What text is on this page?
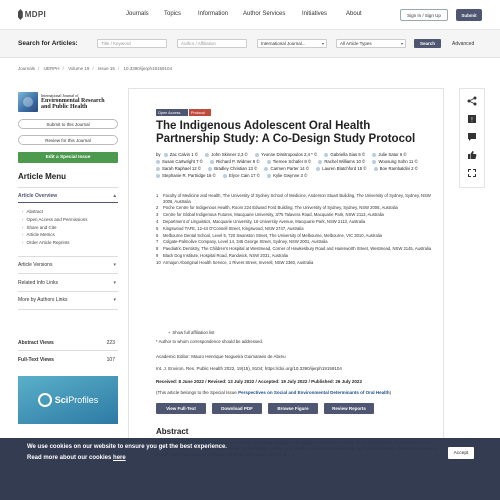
MDPI	Journals	Topics	Information Author Services	Initiatives	About	Sign In / Sign Up	Submit
Search for Articles:	Title / Keyword	Author / Affiliation	International Journal...	▾	All Article Types	▾	Search	Advanced
Journals / IJERPH / Volume 19 / Issue 15 / 10.3390/ijerph19159104
International Journal of
Environmental Research
and Public Health
Submit to this Journal
Review for this Journal
Edit a Special Issue
Article Menu
Article Overview	▴
› Abstract
› Open Access and Permissions
› Share and Cite
› Article Metrics
› Order Article Reprints
Article Versions	▾
Related Info Links	▾
More by Authors Links	▾
Abstract Views	223
Full-Text Views	107
Sci Profiles
Open Access	Protocol
The Indigenous Adolescent Oral Health Partnership Study: A Co-Design Study Protocol
by Zac Calvin 1 ©	John Skinner 2,3 ©	Yvonne Dimitropoulos 2,4 * ©	Gabriella Sias 5 ©	Julie Satur 6 © Susan Cartwright 7 ©	Richard P. Widmer 8 ©	Tiernee Schafer 8 ©	Rachel Williams 10 ©	Woosung Sohn 11 © Sarah Raphael 12 ©	Bradley Christian 13 ©	Carmen Parter 14 ©	Lauren Blatchford 15 ©	Boe Rambaldini 2 © Stephanie R. Partridge 16 ©	Elyce Cain 17 ©	Kylie Gwynne 3 ©
1 Faculty of Medicine and Health, The University of Sydney School of Medicine, Anderson Stuart Building, The University of Sydney, Sydney, NSW 2006, Australia
2 Poche Centre for Indigenous Health, Room 224 Edward Ford Building, The University of Sydney, Sydney, NSW 2006, Australia
3 Centre for Global Indigenous Futures, Macquarie University, 3/75 Talavera Road, Macquarie Park, NSW 2113, Australia
4 Department of Linguistics, Macquarie University, 16 University Avenue, Macquarie Park, NSW 2113, Australia
5 Kingswood TAFE, 12-44 O'Connell Street, Kingswood, NSW 2747, Australia
6 Melbourne Dental School, Level 5, 720 Swanston Street, The University of Melbourne, Melbourne, VIC 3010, Australia
7 Colgate-Palmolive Company, Level 14, 345 George Street, Sydney, NSW 2001, Australia
8 Paediatric Dentistry, The Children's Hospital at Westmead, Corner of Hawkesbury Road and Hainsworth Street, Westmead, NSW 2145, Australia
9 Black Dog Institute, Hospital Road, Randwick, NSW 2031, Australia
10 Armajun Aboriginal Health Service, 1 Rivers Street, Inverell, NSW 2360, Australia
+ Show full affiliation list
* Author to whom correspondence should be addressed.
Academic Editor: Mauro Henrique Nogueira Guimaraes de Abreu
Int. J. Environ. Res. Public Health 2022, 19(15), 9104; https://doi.org/10.3390/ijerph19159104
Received: 8 June 2022 / Revised: 13 July 2022 / Accepted: 19 July 2022 / Published: 26 July 2022
(This article belongs to the Special Issue Perspectives on Social and Environmental Determinants of Oral Health)
View Full-Text	Download PDF	Browse Figure	Review Reports
Abstract
!
We use cookies on our website to ensure you get the best experience.
Read more about our cookies here
Accept
